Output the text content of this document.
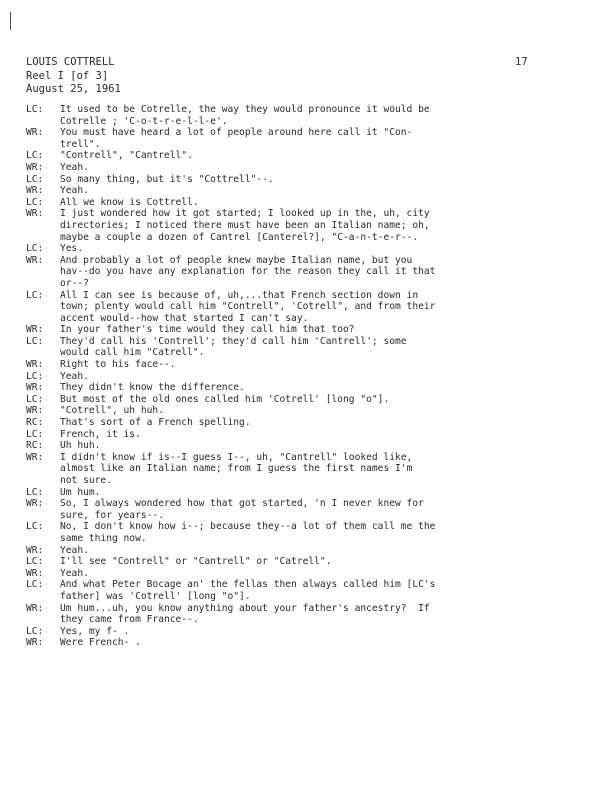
LOUIS COTTRELL
Reel I [of 3]
August 25, 1961
17
LC:	It used to be Cotrelle, the way they would pronounce it would be
Cotrelle ; 'C-o-t-r-e-l-l-e'.
WR:	You must have heard a lot of people around here call it "Con-
trell".
LC:	"Contrell", "Cantrell".
WR:	Yeah.
LC:	So many thing, but it's "Cottrell"--.
WR:	Yeah.
LC:	All we know is Cottrell.
WR:	I just wondered how it got started; I looked up in the, uh, city
directories; I noticed there must have been an Italian name; oh,
maybe a couple a dozen of Cantrel [Canterel?], "C-a-n-t-e-r--.
LC:	Yes.
WR:	And probably a lot of people knew maybe Italian name, but you
hav--do you have any explanation for the reason they call it that
or--?
LC:	All I can see is because of, uh,...that French section down in
town; plenty would call him "Contrell", 'Cotrell", and from their
accent would--how that started I can't say.
WR:	In your father's time would they call him that too?
LC:	They'd call his 'Contrell'; they'd call him 'Cantrell'; some
would call him "Catrell".
WR:	Right to his face--.
LC:	Yeah.
WR:	They didn't know the difference.
LC:	But most of the old ones called him 'Cotrell' [long "o"].
WR:	"Cotrell", uh huh.
RC:	That's sort of a French spelling.
LC:	French, it is.
RC:	Uh huh.
WR:	I didn't know if is--I guess I--, uh, "Cantrell" looked like,
almost like an Italian name; from I guess the first names I'm
not sure.
LC:	Um hum.
WR:	So, I always wondered how that got started, 'n I never knew for
sure, for years--.
LC:	No, I don't know how i--; because they--a lot of them call me the
same thing now.
WR:	Yeah.
LC:	I'll see "Contrell" or "Cantrell" or "Catrell".
WR:	Yeah.
LC:	And what Peter Bocage an' the fellas then always called him [LC's
father] was 'Cotrell' [long "o"].
WR:	Um hum...uh, you know anything about your father's ancestry?  If
they came from France--.
LC:	Yes, my f- .
WR:	Were French- .
